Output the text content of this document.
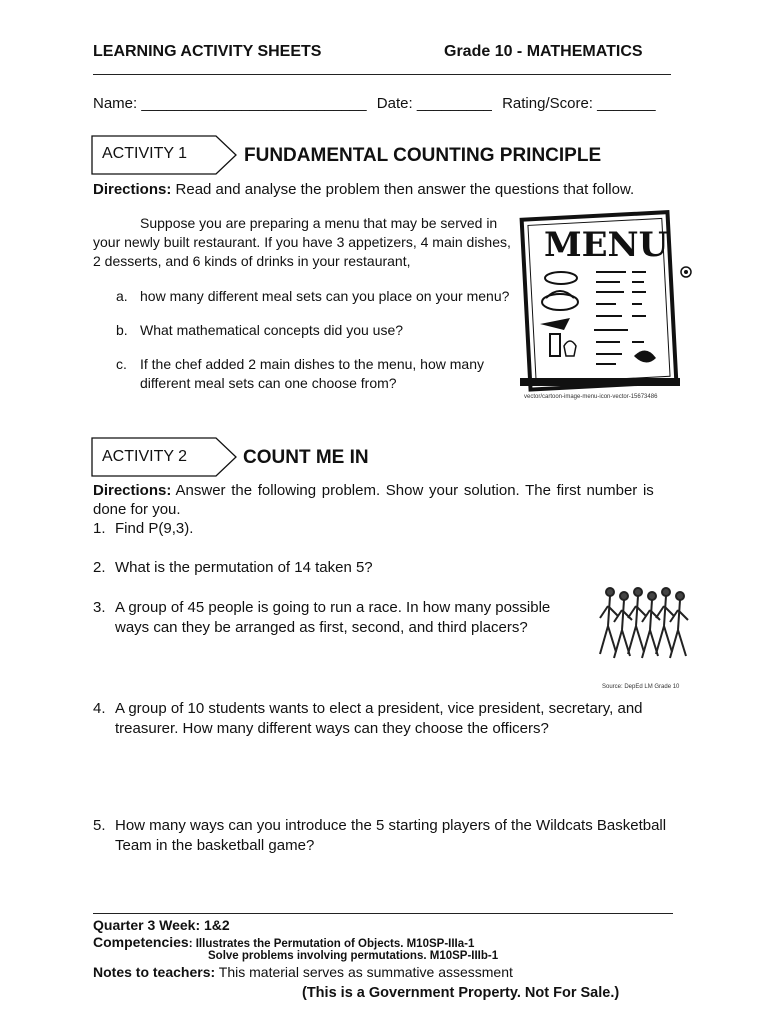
LEARNING ACTIVITY SHEETS	Grade 10 - MATHEMATICS
Name: ___________________________ Date: _________ Rating/Score: _______
ACTIVITY 1	FUNDAMENTAL COUNTING PRINCIPLE
Directions: Read and analyse the problem then answer the questions that follow.
Suppose you are preparing a menu that may be served in
your newly built restaurant. If you have 3 appetizers, 4 main dishes,
2 desserts, and 6 kinds of drinks in your restaurant,
a. how many different meal sets can you place on your menu?
b. What mathematical concepts did you use?
c. If the chef added 2 main dishes to the menu, how many
different meal sets can one choose from?
MENU
vector/cartoon-image-menu-icon-vector-15673486
ACTIVITY 2	COUNT ME IN
Directions: Answer the following problem. Show your solution. The first number is
done for you.
1. Find P(9,3).
2. What is the permutation of 14 taken 5?
3. A group of 45 people is going to run a race. In how many possible
ways can they be arranged as first, second, and third placers?
Source: DepEd LM Grade 10
4. A group of 10 students wants to elect a president, vice president, secretary, and
treasurer. How many different ways can they choose the officers?
5. How many ways can you introduce the 5 starting players of the Wildcats Basketball
Team in the basketball game?
Quarter 3 Week: 1&2
Competencies: Illustrates the Permutation of Objects. M10SP-IIIa-1
Solve problems involving permutations. M10SP-IIIb-1
Notes to teachers: This material serves as summative assessment
(This is a Government Property. Not For Sale.)
